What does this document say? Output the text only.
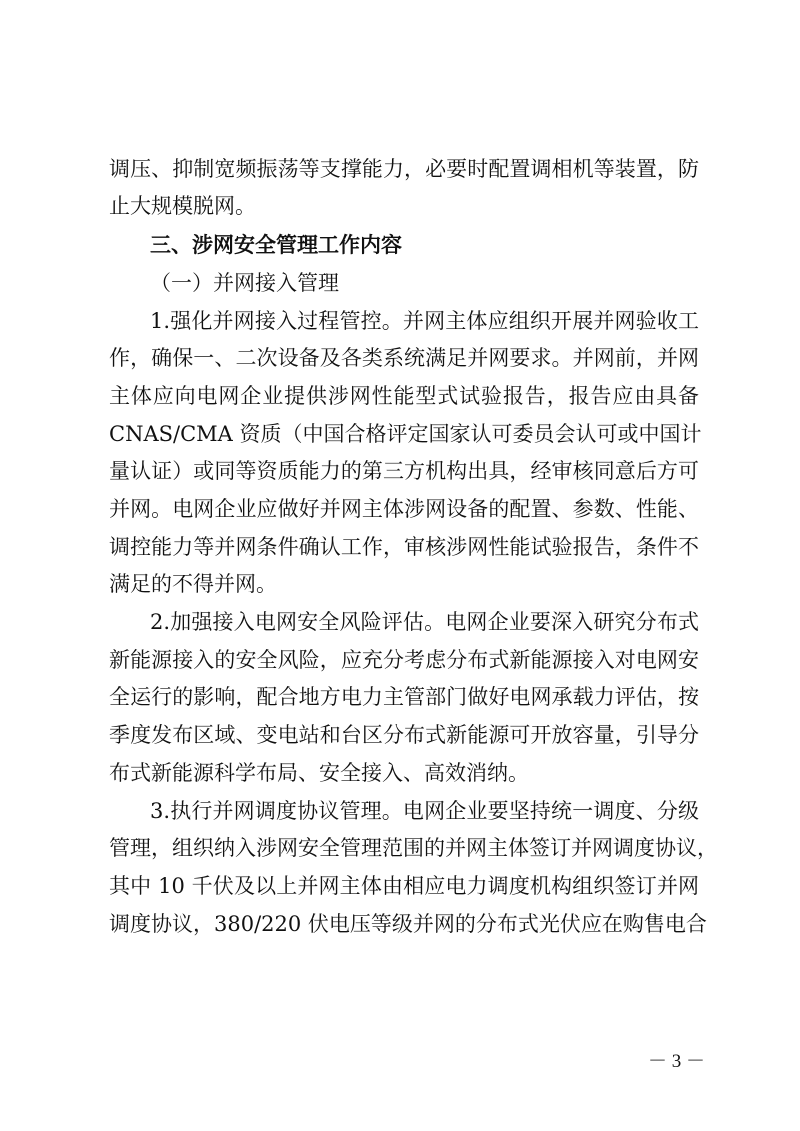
调压、抑制宽频振荡等支撑能力，必要时配置调相机等装置，防
止大规模脱网。
三、涉网安全管理工作内容
（一）并网接入管理
1.强化并网接入过程管控。并网主体应组织开展并网验收工
作，确保一、二次设备及各类系统满足并网要求。并网前，并网
主体应向电网企业提供涉网性能型式试验报告，报告应由具备
CNAS/CMA 资质（中国合格评定国家认可委员会认可或中国计
量认证）或同等资质能力的第三方机构出具，经审核同意后方可
并网。电网企业应做好并网主体涉网设备的配置、参数、性能、
调控能力等并网条件确认工作，审核涉网性能试验报告，条件不
满足的不得并网。
2.加强接入电网安全风险评估。电网企业要深入研究分布式
新能源接入的安全风险，应充分考虑分布式新能源接入对电网安
全运行的影响，配合地方电力主管部门做好电网承载力评估，按
季度发布区域、变电站和台区分布式新能源可开放容量，引导分
布式新能源科学布局、安全接入、高效消纳。
3.执行并网调度协议管理。电网企业要坚持统一调度、分级
管理，组织纳入涉网安全管理范围的并网主体签订并网调度协议，
其中 10 千伏及以上并网主体由相应电力调度机构组织签订并网
调度协议，380/220 伏电压等级并网的分布式光伏应在购售电合
－ 3 －
